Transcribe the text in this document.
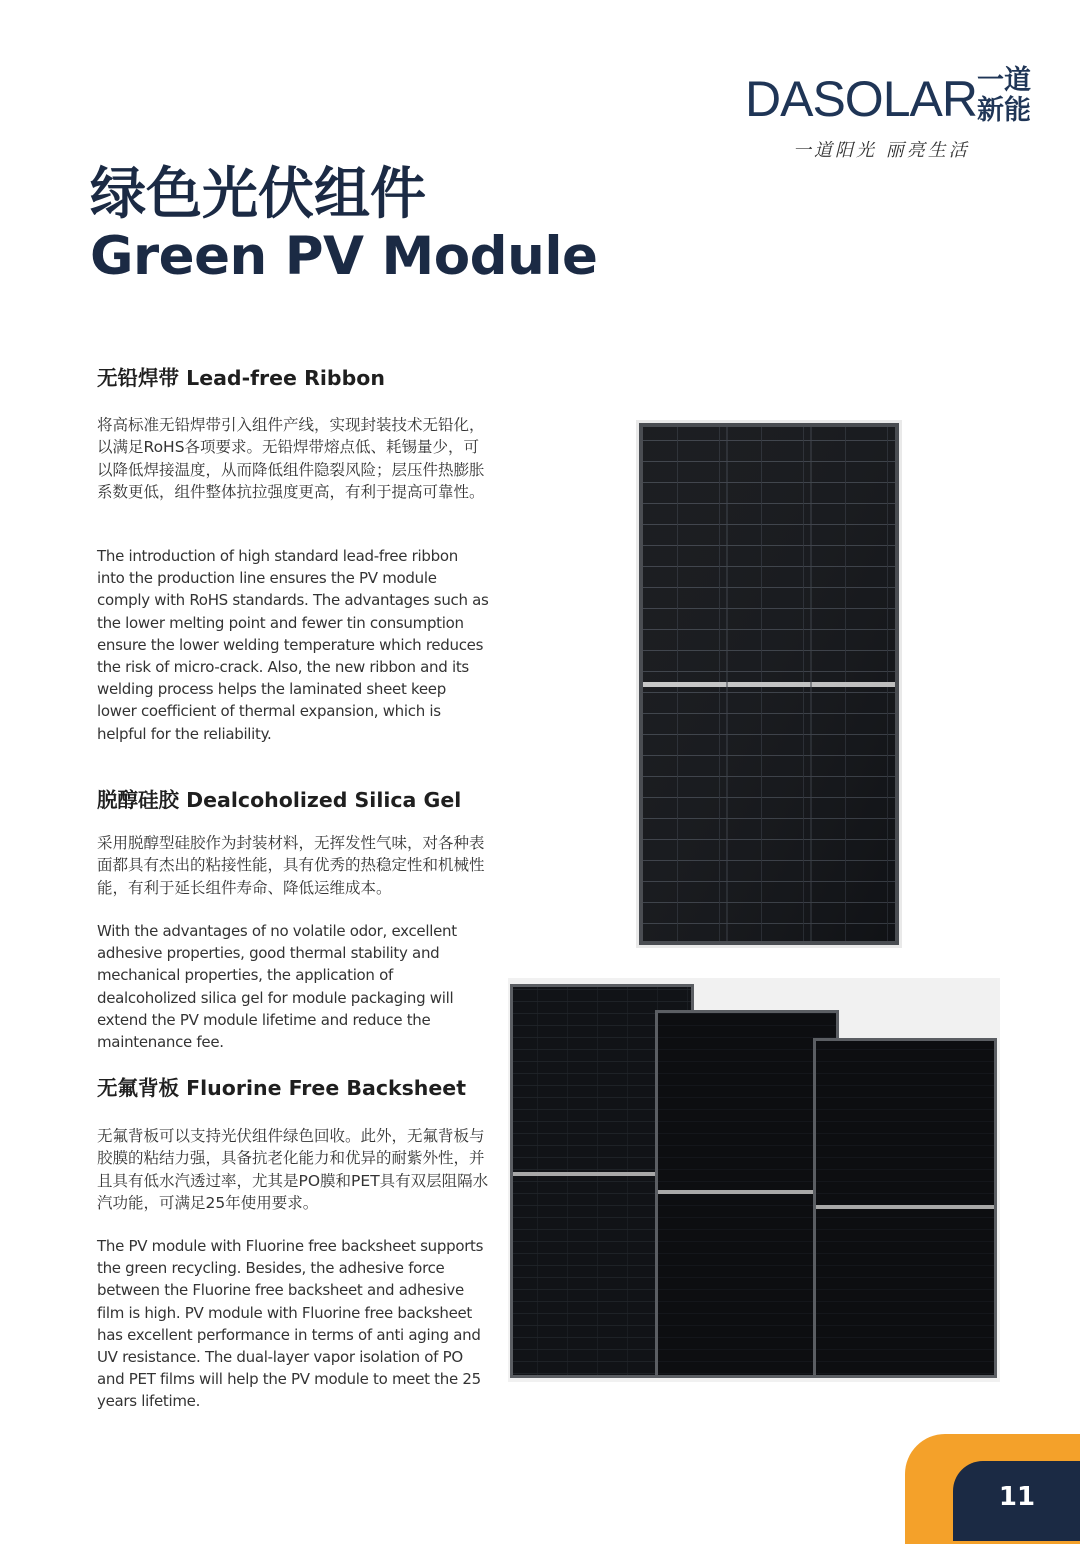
DASOLAR 一道
新能
一道阳光 丽亮生活
绿色光伏组件
Green PV Module
无铅焊带 Lead-free Ribbon

将高标准无铅焊带引入组件产线，实现封装技术无铅化，以满足RoHS各项要求。无铅焊带熔点低、耗锡量少，可以降低焊接温度，从而降低组件隐裂风险；层压件热膨胀系数更低，组件整体抗拉强度更高，有利于提高可靠性。

The introduction of high standard lead-free ribbon into the production line ensures the PV module comply with RoHS standards. The advantages such as the lower melting point and fewer tin consumption ensure the lower welding temperature which reduces the risk of micro-crack. Also, the new ribbon and its welding process helps the laminated sheet keep lower coefficient of thermal expansion, which is helpful for the reliability.

脱醇硅胶 Dealcoholized Silica Gel

采用脱醇型硅胶作为封装材料，无挥发性气味，对各种表面都具有杰出的粘接性能，具有优秀的热稳定性和机械性能，有利于延长组件寿命、降低运维成本。

With the advantages of no volatile odor, excellent adhesive properties, good thermal stability and mechanical properties, the application of dealcoholized silica gel for module packaging will extend the PV module lifetime and reduce the maintenance fee.

无氟背板 Fluorine Free Backsheet

无氟背板可以支持光伏组件绿色回收。此外，无氟背板与胶膜的粘结力强，具备抗老化能力和优异的耐紫外性，并且具有低水汽透过率，尤其是PO膜和PET具有双层阻隔水汽功能，可满足25年使用要求。

The PV module with Fluorine free backsheet supports the green recycling. Besides, the adhesive force between the Fluorine free backsheet and adhesive film is high. PV module with Fluorine free backsheet has excellent performance in terms of anti aging and UV resistance. The dual-layer vapor isolation of PO and PET films will help the PV module to meet the 25 years lifetime.

11
